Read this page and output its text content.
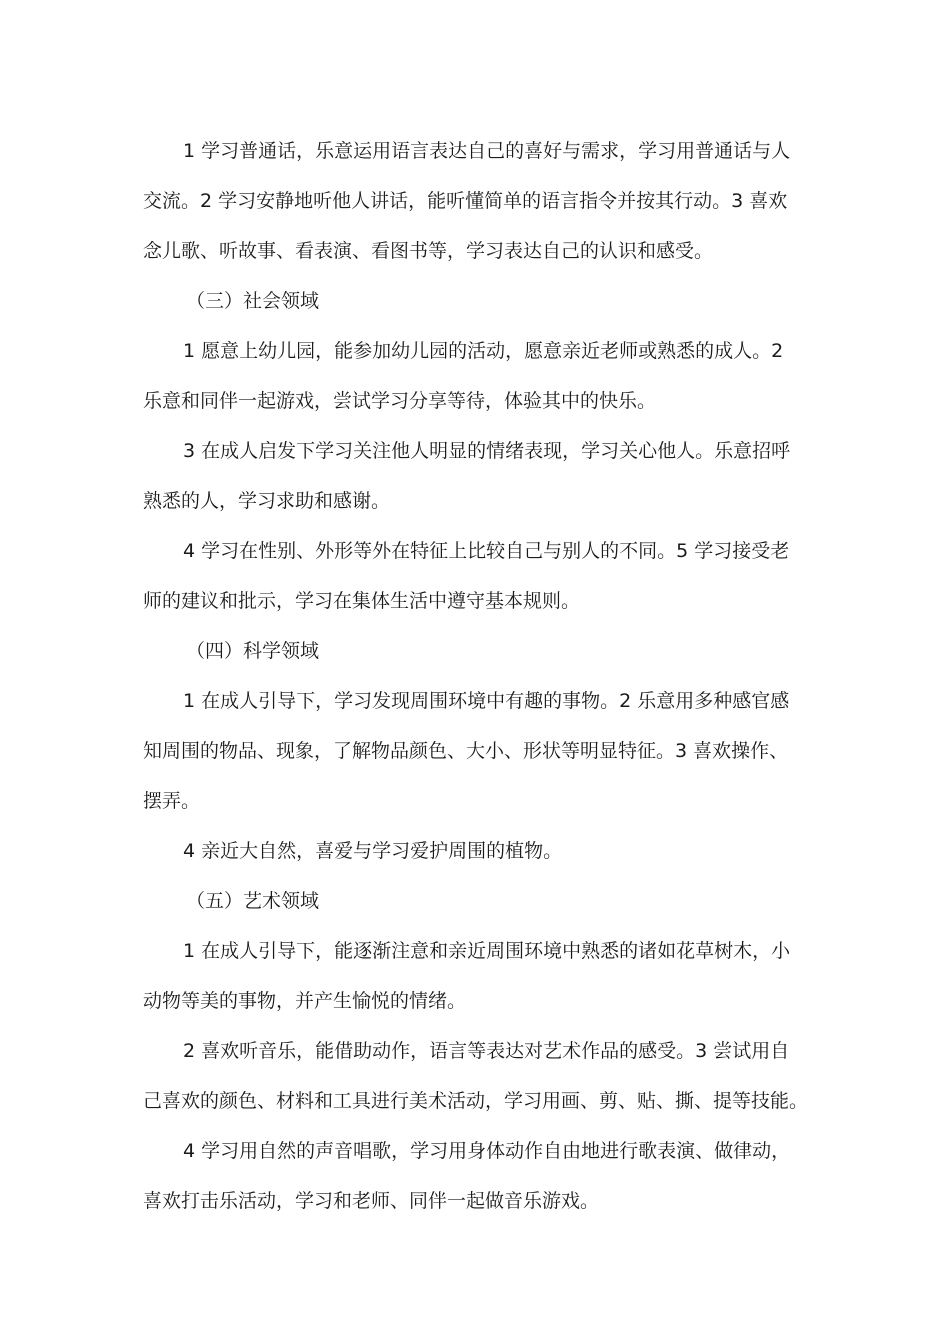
1 学习普通话，乐意运用语言表达自己的喜好与需求，学习用普通话与人
交流。2 学习安静地听他人讲话，能听懂简单的语言指令并按其行动。3 喜欢
念儿歌、听故事、看表演、看图书等，学习表达自己的认识和感受。
（三）社会领域
1 愿意上幼儿园，能参加幼儿园的活动，愿意亲近老师或熟悉的成人。2
乐意和同伴一起游戏，尝试学习分享等待，体验其中的快乐。
3 在成人启发下学习关注他人明显的情绪表现，学习关心他人。乐意招呼
熟悉的人，学习求助和感谢。
4 学习在性别、外形等外在特征上比较自己与别人的不同。5 学习接受老
师的建议和批示，学习在集体生活中遵守基本规则。
（四）科学领域
1 在成人引导下，学习发现周围环境中有趣的事物。2 乐意用多种感官感
知周围的物品、现象，了解物品颜色、大小、形状等明显特征。3 喜欢操作、
摆弄。
4 亲近大自然，喜爱与学习爱护周围的植物。
（五）艺术领域
1 在成人引导下，能逐渐注意和亲近周围环境中熟悉的诸如花草树木，小
动物等美的事物，并产生愉悦的情绪。
2 喜欢听音乐，能借助动作，语言等表达对艺术作品的感受。3 尝试用自
己喜欢的颜色、材料和工具进行美术活动，学习用画、剪、贴、撕、提等技能。
4 学习用自然的声音唱歌，学习用身体动作自由地进行歌表演、做律动，
喜欢打击乐活动，学习和老师、同伴一起做音乐游戏。
